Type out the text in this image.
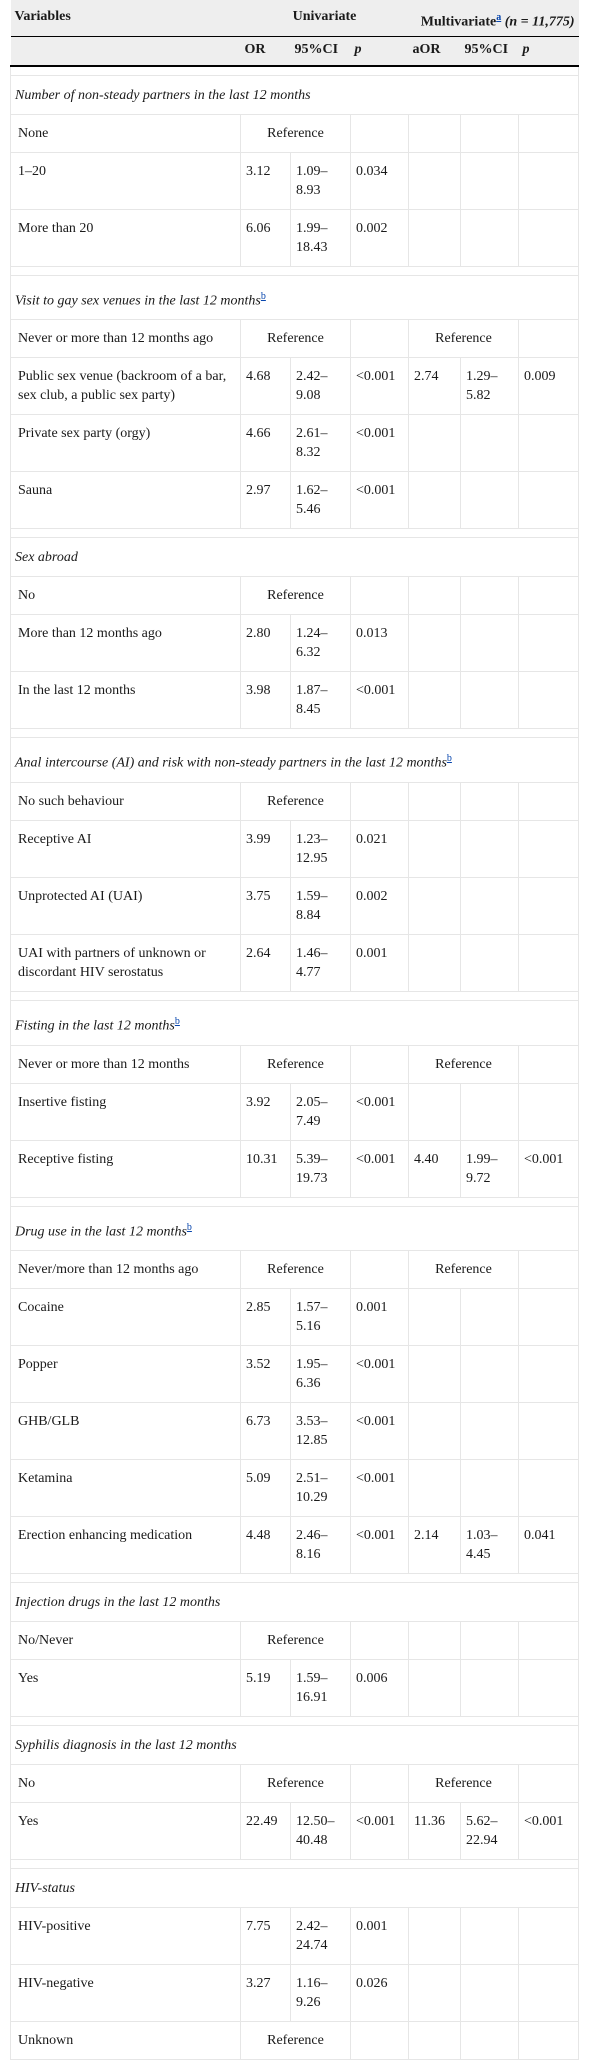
Variables	Univariate			Multivariate$^a$ (n = 11,775)		
	OR	95%CI	p	aOR	95%CI	p

Number of non-steady partners in the last 12 months						
None	Reference					
1–20	3.12	1.09–8.93	0.034			
More than 20	6.06	1.99–18.43	0.002			

Visit to gay sex venues in the last 12 months$^b$
Never or more than 12 months ago	Reference			Reference		
Public sex venue (backroom of a bar, sex club, a public sex party)	4.68	2.42–9.08	<0.001	2.74	1.29–5.82	0.009
Private sex party (orgy)	4.66	2.61–8.32	<0.001			
Sauna	2.97	1.62–5.46	<0.001			

Sex abroad						
No	Reference					
More than 12 months ago	2.80	1.24–6.32	0.013			
In the last 12 months	3.98	1.87–8.45	<0.001			

Anal intercourse (AI) and risk with non-steady partners in the last 12 months$^b$
No such behaviour	Reference					
Receptive AI	3.99	1.23–12.95	0.021			
Unprotected AI (UAI)	3.75	1.59–8.84	0.002			
UAI with partners of unknown or discordant HIV serostatus	2.64	1.46–4.77	0.001			

Fisting in the last 12 months$^b$
Never or more than 12 months	Reference			Reference		
Insertive fisting	3.92	2.05–7.49	<0.001			
Receptive fisting	10.31	5.39–19.73	<0.001	4.40	1.99–9.72	<0.001

Drug use in the last 12 months$^b$
Never/more than 12 months ago	Reference			Reference		
Cocaine	2.85	1.57–5.16	0.001			
Popper	3.52	1.95–6.36	<0.001			
GHB/GLB	6.73	3.53–12.85	<0.001			
Ketamina	5.09	2.51–10.29	<0.001			
Erection enhancing medication	4.48	2.46–8.16	<0.001	2.14	1.03–4.45	0.041

Injection drugs in the last 12 months						
No/Never	Reference					
Yes	5.19	1.59–16.91	0.006			

Syphilis diagnosis in the last 12 months						
No	Reference			Reference		
Yes	22.49	12.50–40.48	<0.001	11.36	5.62–22.94	<0.001

HIV-status						
HIV-positive	7.75	2.42–24.74	0.001			
HIV-negative	3.27	1.16–9.26	0.026			
Unknown	Reference					
